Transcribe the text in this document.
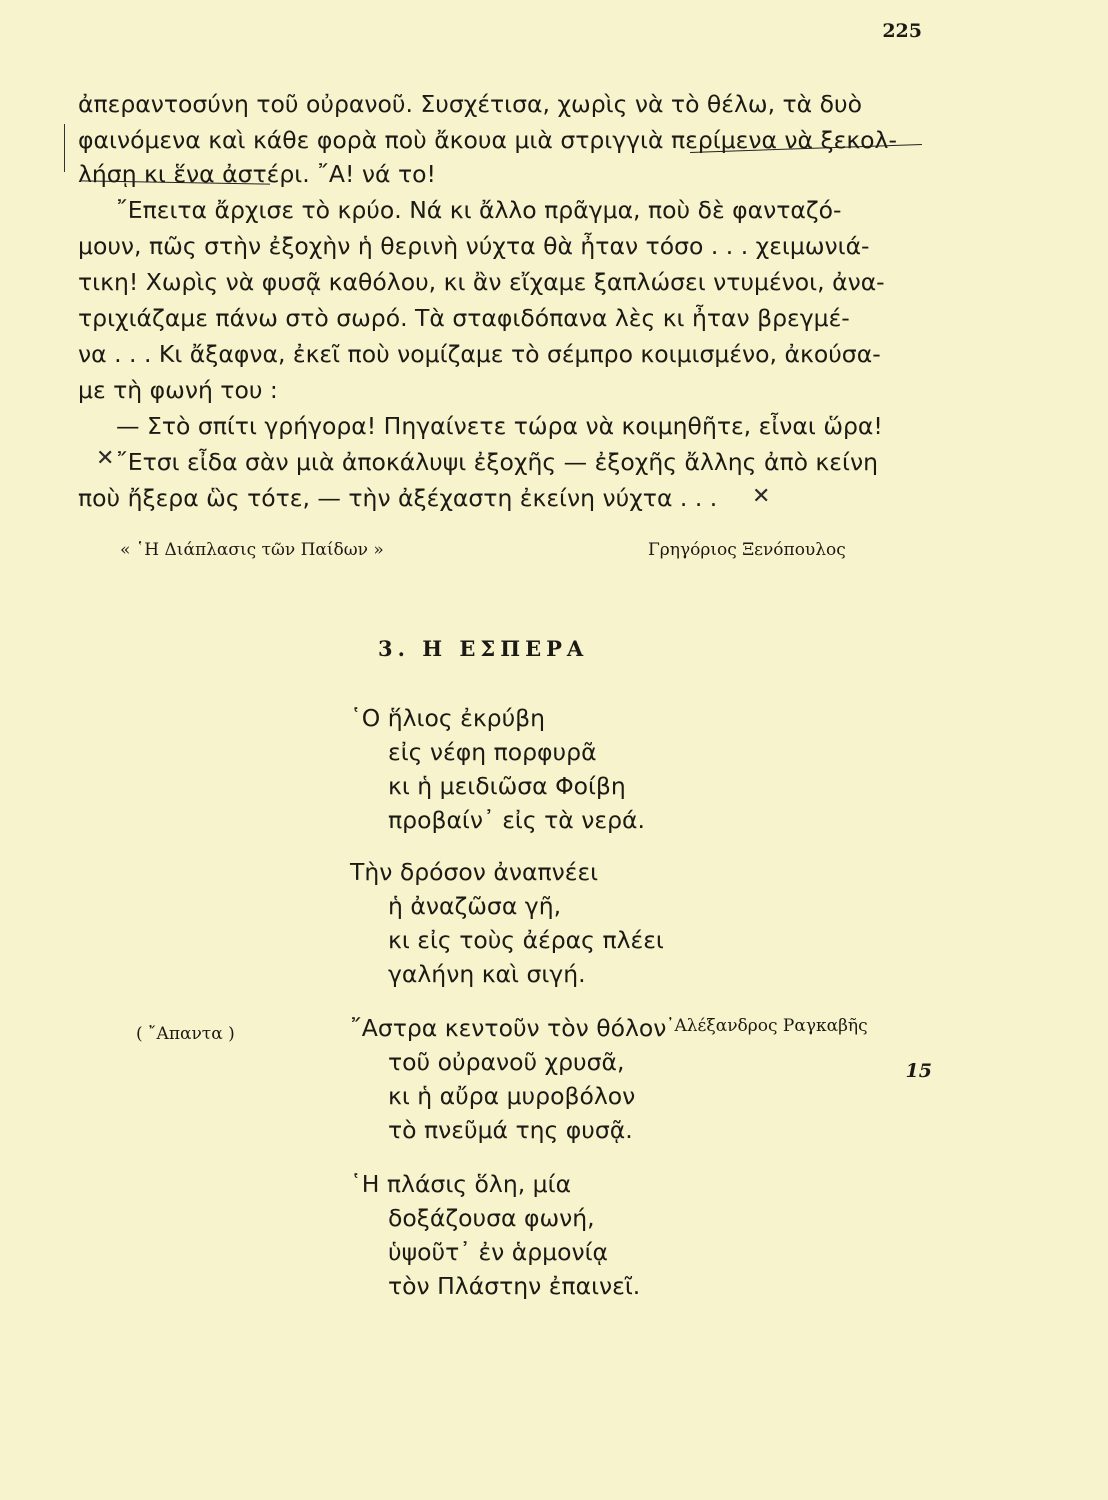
225
ἀπεραντοσύνη τοῦ οὐρανοῦ. Συσχέτισα, χωρὶς νὰ τὸ θέλω, τὰ δυὸ
φαινόμενα καὶ κάθε φορὰ ποὺ ἄκουα μιὰ στριγγιὰ περίμενα νὰ ξεκολ-
λήσῃ κι ἕνα ἀστέρι. ῎Α! νά το!
῎Επειτα ἄρχισε τὸ κρύο. Νά κι ἄλλο πρᾶγμα, ποὺ δὲ φανταζό-
μουν, πῶς στὴν ἐξοχὴν ἡ θερινὴ νύχτα θὰ ἦταν τόσο . . . χειμωνιά-
τικη! Χωρὶς νὰ φυσᾷ καθόλου, κι ἂν εἴχαμε ξαπλώσει ντυμένοι, ἀνα-
τριχιάζαμε πάνω στὸ σωρό. Τὰ σταφιδόπανα λὲς κι ἦταν βρεγμέ-
να . . . Κι ἄξαφνα, ἐκεῖ ποὺ νομίζαμε τὸ σέμπρο κοιμισμένο, ἀκούσα-
με τὴ φωνή του :
— Στὸ σπίτι γρήγορα! Πηγαίνετε τώρα νὰ κοιμηθῆτε, εἶναι ὥρα!
῎Ετσι εἶδα σὰν μιὰ ἀποκάλυψι ἐξοχῆς — ἐξοχῆς ἄλλης ἀπὸ κείνη
ποὺ ἤξερα ὣς τότε, — τὴν ἀξέχαστη ἐκείνη νύχτα . . .
✕
✕
« ῾Η Διάπλασις τῶν Παίδων »	Γρηγόριος Ξενόπουλος
3. Η ΕΣΠΕΡΑ
῾Ο ἥλιος ἐκρύβη
εἰς νέφη πορφυρᾶ
κι ἡ μειδιῶσα Φοίβη
προβαίν᾽ εἰς τὰ νερά.
Τὴν δρόσον ἀναπνέει
ἡ ἀναζῶσα γῆ,
κι εἰς τοὺς ἀέρας πλέει
γαλήνη καὶ σιγή.
῎Αστρα κεντοῦν τὸν θόλον
τοῦ οὐρανοῦ χρυσᾶ,
κι ἡ αὔρα μυροβόλον
τὸ πνεῦμά της φυσᾷ.
῾Η πλάσις ὅλη, μία
δοξάζουσα φωνή,
ὑψοῦτ᾽ ἐν ἁρμονίᾳ
τὸν Πλάστην ἐπαινεῖ.
( ῎Απαντα )	᾽Αλέξανδρος Ραγκαβῆς
15
